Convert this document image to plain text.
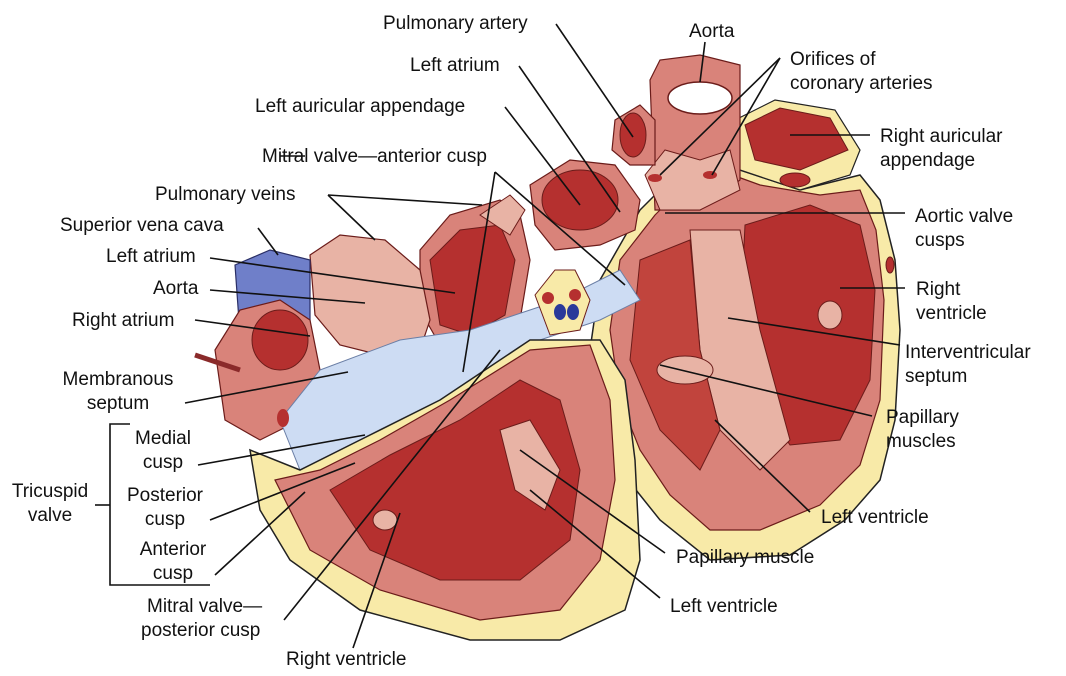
Pulmonary artery	Aorta
Left atrium	Orifices of
coronary arteries
Left auricular appendage
Right auricular
appendage
Mitral valve—anterior cusp
Pulmonary veins
Aortic valve
cusps
Superior vena cava
Left atrium
Aorta
Right atrium
Right
ventricle
Interventricular
septum
Membranous
septum
Papillary
muscles
Medial
cusp
Tricuspid
valve
Posterior
cusp
Anterior
cusp
Left ventricle
Papillary muscle
Mitral valve—
posterior cusp
Left ventricle
Right ventricle
